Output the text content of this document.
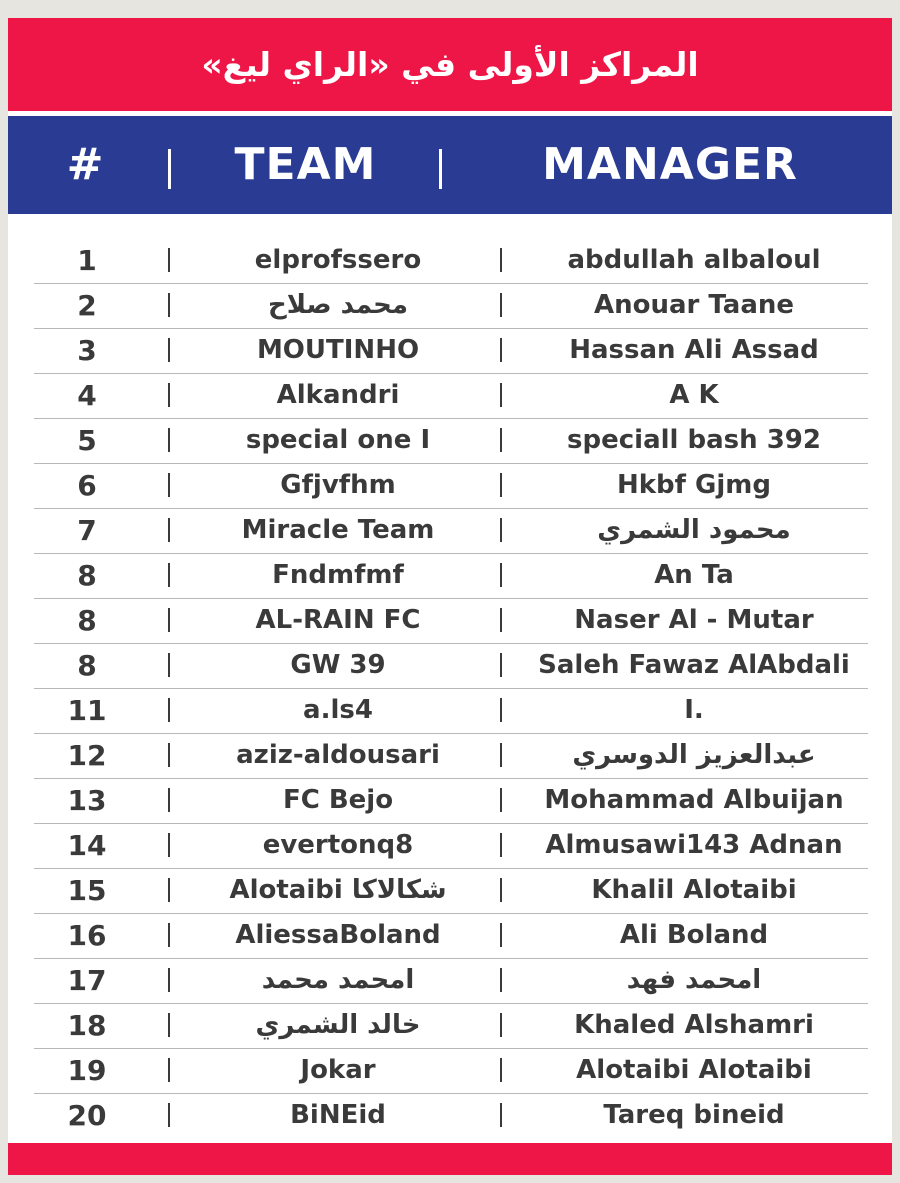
المراكز الأولى في «الراي ليغ»
#	TEAM	MANAGER
1	elprofssero	abdullah albaloul
2	محمد صلاح	Anouar Taane
3	MOUTINHO	Hassan Ali Assad
4	Alkandri	A K
5	special one I	speciall bash 392
6	Gfjvfhm	Hkbf Gjmg
7	Miracle Team	محمود الشمري
8	Fndmfmf	An Ta
8	AL-RAIN FC	Naser Al - Mutar
8	GW 39	Saleh Fawaz AlAbdali
11	a.ls4	I.
12	aziz-aldousari	عبدالعزيز الدوسري
13	FC Bejo	Mohammad Albuijan
14	evertonq8	Almusawi143 Adnan
15	Alotaibi شكالاكا	Khalil Alotaibi
16	AliessaBoland	Ali Boland
17	امحمد محمد	امحمد فهد
18	خالد الشمري	Khaled Alshamri
19	Jokar	Alotaibi Alotaibi
20	BiNEid	Tareq bineid
